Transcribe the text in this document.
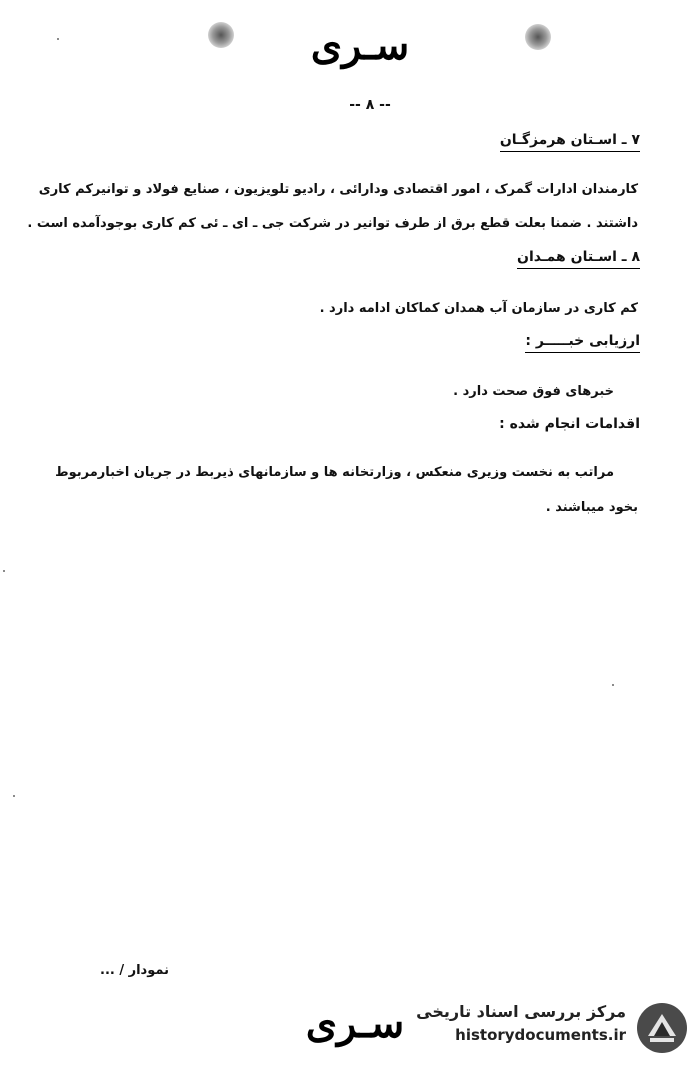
سـری
-- ۸ --
۷ ـ اسـتان هرمزگـان
کارمندان ادارات گمرک ، امور اقتصادی ودارائی ، رادیو تلویزیون ، صنایع فولاد و توانیرکم کاری
داشتند . ضمنا بعلت قطع برق از طرف توانیر در شرکت جی ـ ای ـ ئی کم کاری بوجودآمده است .
۸ ـ اسـتان همـدان
کم کاری در سازمان آب همدان کماکان ادامه دارد .
ارزیابی خبـــــر :
خبرهای فوق صحت دارد .
اقدامات انجام شده :
مراتب به نخست وزیری منعکس ، وزارتخانه ها و سازمانهای ذیربط در جریان اخبارمربوط
بخود میباشند .
نمودار / ...
سـری مرکز بررسی اسناد تاریخی
historydocuments.ir
